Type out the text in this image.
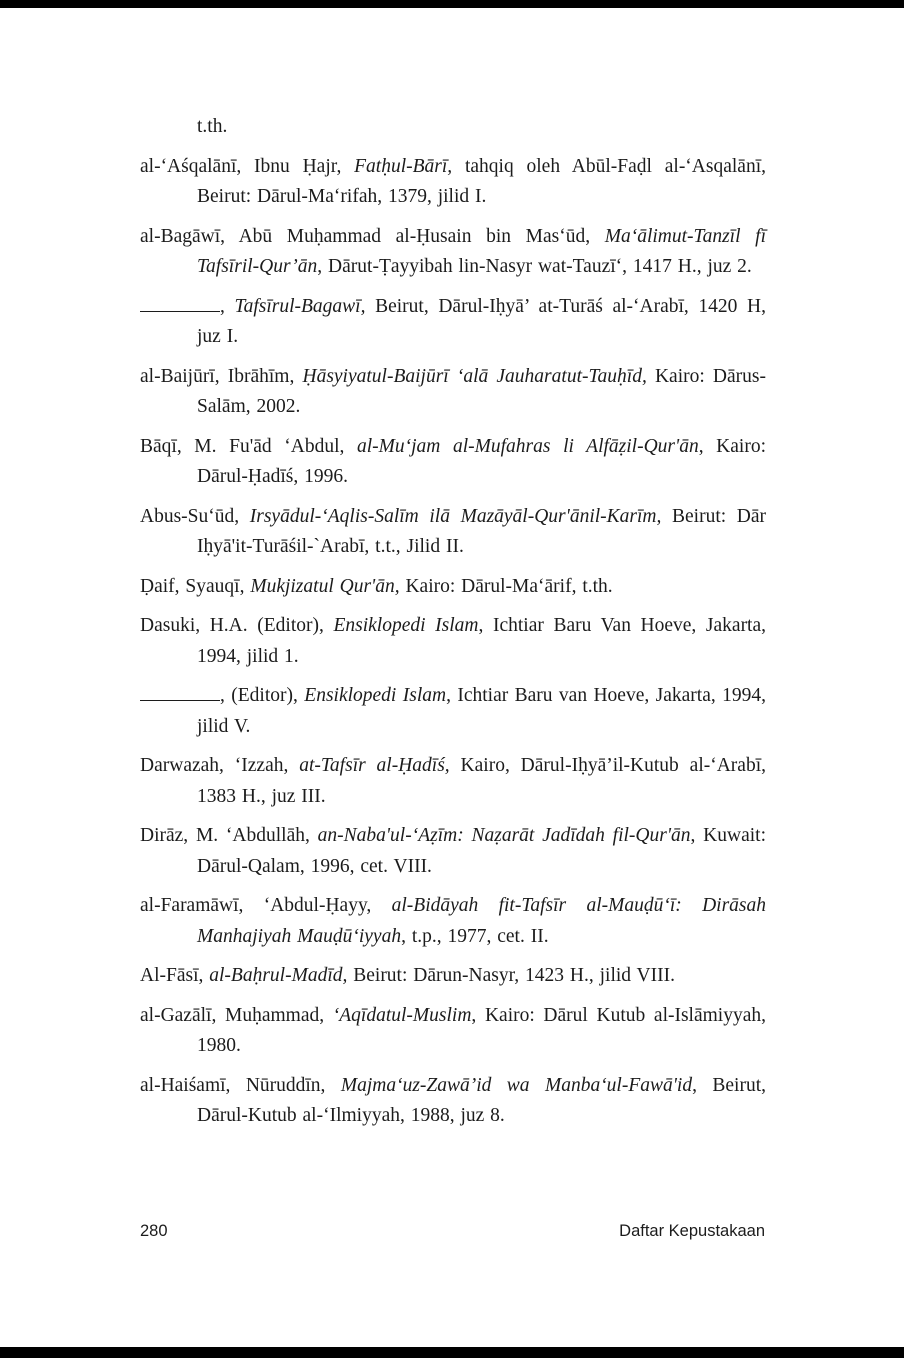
t.th.

al-‘Aśqalānī, Ibnu Ḥajr, Fatḥul-Bārī, tahqiq oleh Abūl-Faḍl al-‘Asqalānī, Beirut: Dārul-Ma‘rifah, 1379, jilid I.

al-Bagāwī, Abū Muḥammad al-Ḥusain bin Mas‘ūd, Ma‘ālimut-Tanzīl fī Tafsīril-Qur’ān, Dārut-Ṭayyibah lin-Nasyr wat-Tauzī‘, 1417 H., juz 2.

, Tafsīrul-Bagawī, Beirut, Dārul-Iḥyā’ at-Turāś al-‘Arabī, 1420 H, juz I.

al-Baijūrī, Ibrāhīm, Ḥāsyiyatul-Baijūrī ‘alā Jauharatut-Tauḥīd, Kairo: Dārus-Salām, 2002.

Bāqī, M. Fu'ād ‘Abdul, al-Mu‘jam al-Mufahras li Alfāẓil-Qur'ān, Kairo: Dārul-Ḥadīś, 1996.

Abus-Su‘ūd, Irsyādul-‘Aqlis-Salīm ilā Mazāyāl-Qur'ānil-Karīm, Beirut: Dār Iḥyā'it-Turāśil-`Arabī, t.t., Jilid II.

Ḍaif, Syauqī, Mukjizatul Qur'ān, Kairo: Dārul-Ma‘ārif, t.th.

Dasuki, H.A. (Editor), Ensiklopedi Islam, Ichtiar Baru Van Hoeve, Jakarta, 1994, jilid 1.

, (Editor), Ensiklopedi Islam, Ichtiar Baru van Hoeve, Jakarta, 1994, jilid V.

Darwazah, ‘Izzah, at-Tafsīr al-Ḥadīś, Kairo, Dārul-Iḥyā’il-Kutub al-‘Arabī, 1383 H., juz III.

Dirāz, M. ‘Abdullāh, an-Naba'ul-‘Aẓīm: Naẓarāt Jadīdah fil-Qur'ān, Kuwait: Dārul-Qalam, 1996, cet. VIII.

al-Faramāwī, ‘Abdul-Ḥayy, al-Bidāyah fit-Tafsīr al-Mauḍū‘ī: Dirāsah Manhajiyah Mauḍū‘iyyah, t.p., 1977, cet. II.

Al-Fāsī, al-Baḥrul-Madīd, Beirut: Dārun-Nasyr, 1423 H., jilid VIII.

al-Gazālī, Muḥammad, ‘Aqīdatul-Muslim, Kairo: Dārul Kutub al-Islāmiyyah, 1980.

al-Haiśamī, Nūruddīn, Majma‘uz-Zawā’id wa Manba‘ul-Fawā'id, Beirut, Dārul-Kutub al-‘Ilmiyyah, 1988, juz 8.

280	Daftar Kepustakaan
